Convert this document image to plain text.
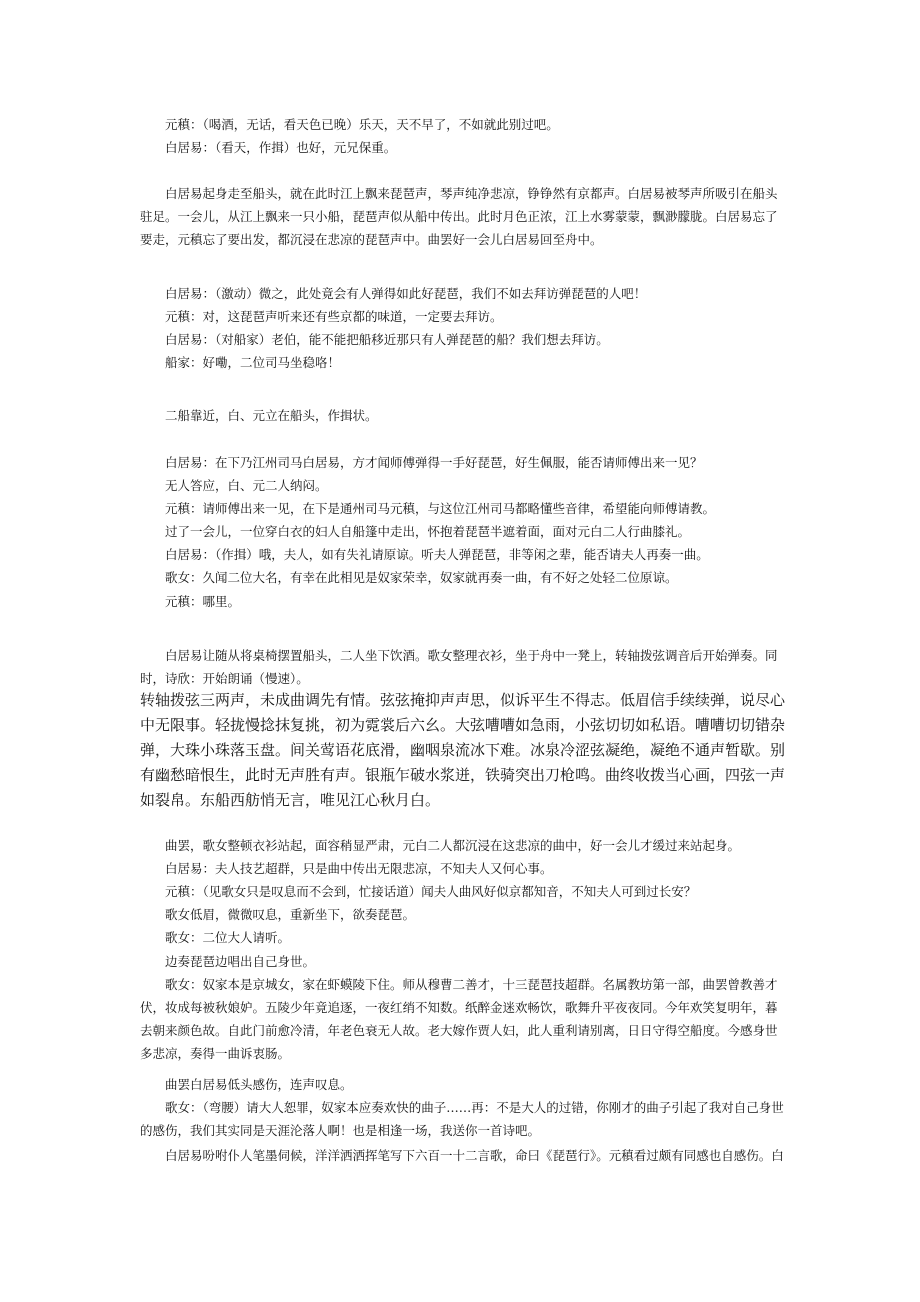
元稹：（喝酒，无话，看天色已晚）乐天，天不早了，不如就此别过吧。
白居易：（看天，作揖）也好，元兄保重。
白居易起身走至船头，就在此时江上飘来琵琶声，琴声纯净悲凉，铮铮然有京都声。白居易被琴声所吸引在船头驻足。一会儿，从江上飘来一只小船，琵琶声似从船中传出。此时月色正浓，江上水雾蒙蒙，飘渺朦胧。白居易忘了要走，元稹忘了要出发，都沉浸在悲凉的琵琶声中。曲罢好一会儿白居易回至舟中。
白居易：（激动）微之，此处竟会有人弹得如此好琵琶，我们不如去拜访弹琵琶的人吧！
元稹：对，这琵琶声听来还有些京都的味道，一定要去拜访。
白居易：（对船家）老伯，能不能把船移近那只有人弹琵琶的船？我们想去拜访。
船家：好嘞，二位司马坐稳咯！
二船靠近，白、元立在船头，作揖状。
白居易：在下乃江州司马白居易，方才闻师傅弹得一手好琵琶，好生佩服，能否请师傅出来一见？
无人答应，白、元二人纳闷。
元稹：请师傅出来一见，在下是通州司马元稹，与这位江州司马都略懂些音律，希望能向师傅请教。
过了一会儿，一位穿白衣的妇人自船篷中走出，怀抱着琵琶半遮着面，面对元白二人行曲膝礼。
白居易：（作揖）哦，夫人，如有失礼请原谅。听夫人弹琵琶，非等闲之辈，能否请夫人再奏一曲。
歌女：久闻二位大名，有幸在此相见是奴家荣幸，奴家就再奏一曲，有不好之处轻二位原谅。
元稹：哪里。
白居易让随从将桌椅摆置船头，二人坐下饮酒。歌女整理衣衫，坐于舟中一凳上，转轴拨弦调音后开始弹奏。同时，诗欣：开始朗诵（慢速）。
转轴拨弦三两声，未成曲调先有情。弦弦掩抑声声思，似诉平生不得志。低眉信手续续弹，说尽心中无限事。轻拢慢捻抹复挑，初为霓裳后六幺。大弦嘈嘈如急雨，小弦切切如私语。嘈嘈切切错杂弹，大珠小珠落玉盘。间关莺语花底滑，幽咽泉流冰下难。冰泉冷涩弦凝绝，凝绝不通声暂歇。别有幽愁暗恨生，此时无声胜有声。银瓶乍破水浆迸，铁骑突出刀枪鸣。曲终收拨当心画，四弦一声如裂帛。东船西舫悄无言，唯见江心秋月白。
曲罢，歌女整顿衣衫站起，面容稍显严肃，元白二人都沉浸在这悲凉的曲中，好一会儿才缓过来站起身。
白居易：夫人技艺超群，只是曲中传出无限悲凉，不知夫人又何心事。
元稹：（见歌女只是叹息而不会到，忙接话道）闻夫人曲风好似京都知音，不知夫人可到过长安？
歌女低眉，微微叹息，重新坐下，欲奏琵琶。
歌女：二位大人请听。
边奏琵琶边唱出自己身世。
歌女：奴家本是京城女，家在虾蟆陵下住。师从穆曹二善才，十三琵琶技超群。名属教坊第一部，曲罢曾教善才伏，妆成每被秋娘妒。五陵少年竟追逐，一夜红绡不知数。纸醉金迷欢畅饮，歌舞升平夜夜同。今年欢笑复明年，暮去朝来颜色故。自此门前愈冷清，年老色衰无人故。老大嫁作贾人妇，此人重利请别离，日日守得空船度。今感身世多悲凉，奏得一曲诉衷肠。
曲罢白居易低头感伤，连声叹息。
歌女：（弯腰）请大人恕罪，奴家本应奏欢快的曲子……再：不是大人的过错，你刚才的曲子引起了我对自己身世的感伤，我们其实同是天涯沦落人啊！也是相逢一场，我送你一首诗吧。
白居易吩咐仆人笔墨伺候，洋洋洒洒挥笔写下六百一十二言歌，命曰《琵琶行》。元稹看过颇有同感也自感伤。白
